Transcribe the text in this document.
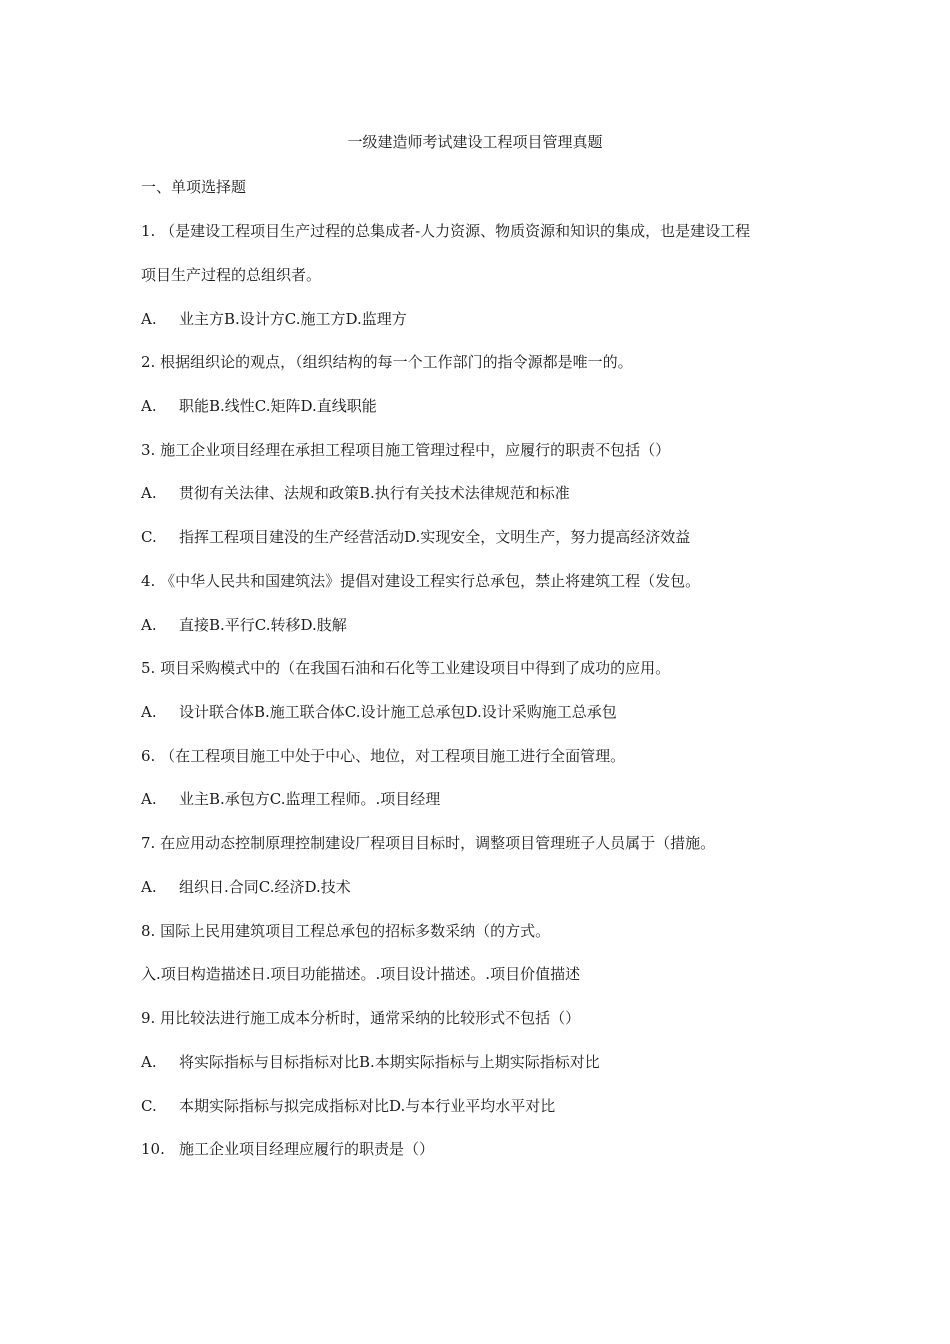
一级建造师考试建设工程项目管理真题
一、单项选择题
1. （是建设工程项目生产过程的总集成者-人力资源、物质资源和知识的集成，也是建设工程
项目生产过程的总组织者。
A. 业主方B.设计方C.施工方D.监理方
2. 根据组织论的观点，（组织结构的每一个工作部门的指令源都是唯一的。
A. 职能B.线性C.矩阵D.直线职能
3. 施工企业项目经理在承担工程项目施工管理过程中，应履行的职责不包括（）
A. 贯彻有关法律、法规和政策B.执行有关技术法律规范和标准
C. 指挥工程项目建没的生产经营活动D.实现安全，文明生产，努力提高经济效益
4. 《中华人民共和国建筑法》提倡对建设工程实行总承包，禁止将建筑工程（发包。
A. 直接B.平行C.转移D.肢解
5. 项目采购模式中的（在我国石油和石化等工业建设项目中得到了成功的应用。
A. 设计联合体B.施工联合体C.设计施工总承包D.设计采购施工总承包
6. （在工程项目施工中处于中心、地位，对工程项目施工进行全面管理。
A. 业主B.承包方C.监理工程师。.项目经理
7. 在应用动态控制原理控制建设厂程项目目标时，调整项目管理班子人员属于（措施。
A. 组织日.合同C.经济D.技术
8. 国际上民用建筑项目工程总承包的招标多数采纳（的方式。
入.项目构造描述日.项目功能描述。.项目设计描述。.项目价值描述
9. 用比较法进行施工成本分析时，通常采纳的比较形式不包括（）
A. 将实际指标与目标指标对比B.本期实际指标与上期实际指标对比
C. 本期实际指标与拟完成指标对比D.与本行业平均水平对比
10. 施工企业项目经理应履行的职责是（）
